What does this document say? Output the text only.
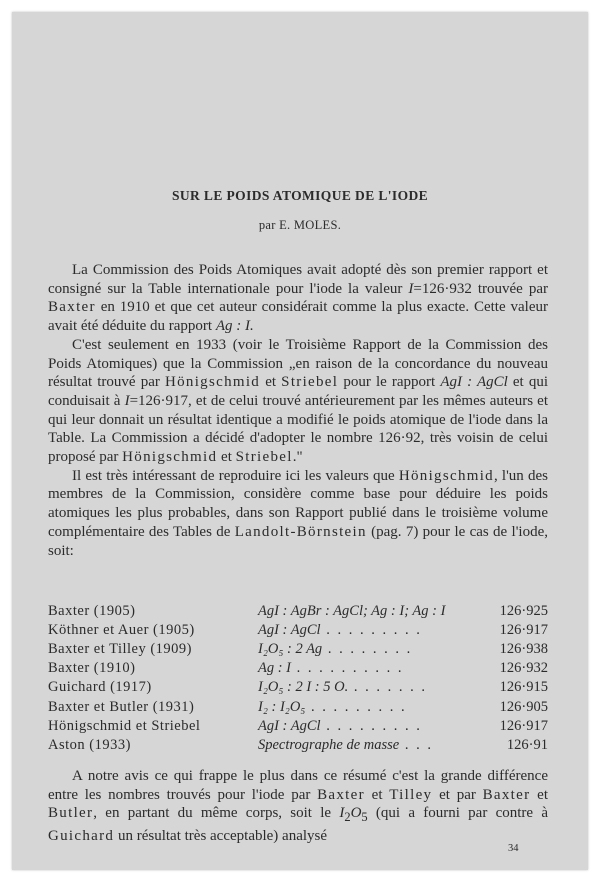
SUR LE POIDS ATOMIQUE DE L'IODE
par E. MOLES.

La Commission des Poids Atomiques avait adopté dès son premier rapport et consigné sur la Table internationale pour l'iode la valeur I=126·932 trouvée par Baxter en 1910 et que cet auteur considérait comme la plus exacte. Cette valeur avait été déduite du rapport Ag : I.

C'est seulement en 1933 (voir le Troisième Rapport de la Commission des Poids Atomiques) que la Commission „en raison de la concordance du nouveau résultat trouvé par Hönigschmid et Striebel pour le rapport AgI : AgCl et qui conduisait à I=126·917, et de celui trouvé antérieurement par les mêmes auteurs et qui leur donnait un résultat identique a modifié le poids atomique de l'iode dans la Table. La Commission a décidé d'adopter le nombre 126·92, très voisin de celui proposé par Hönigschmid et Striebel."

Il est très intéressant de reproduire ici les valeurs que Hönigschmid, l'un des membres de la Commission, considère comme base pour déduire les poids atomiques les plus probables, dans son Rapport publié dans le troisième volume complémentaire des Tables de Landolt-Börnstein (pag. 7) pour le cas de l'iode, soit:

Baxter (1905)	AgI : AgBr : AgCl; Ag : I; Ag : I	126·925
Köthner et Auer (1905)	AgI : AgCl . . . . . . . . .	126·917
Baxter et Tilley (1909)	I₂O₅ : 2 Ag . . . . . . . .	126·938
Baxter (1910)	Ag : I . . . . . . . . . .	126·932
Guichard (1917)	I₂O₅ : 2 I : 5 O. . . . . . . .	126·915
Baxter et Butler (1931)	I₂ : I₂O₅ . . . . . . . . .	126·905
Hönigschmid et Striebel	AgI : AgCl . . . . . . . . .	126·917
Aston (1933)	Spectrographe de masse . . .	126·91

A notre avis ce qui frappe le plus dans ce résumé c'est la grande différence entre les nombres trouvés pour l'iode par Baxter et Tilley et par Baxter et Butler, en partant du même corps, soit le $I_2O_5$ (qui a fourni par contre à Guichard un résultat très acceptable) analysé

34
